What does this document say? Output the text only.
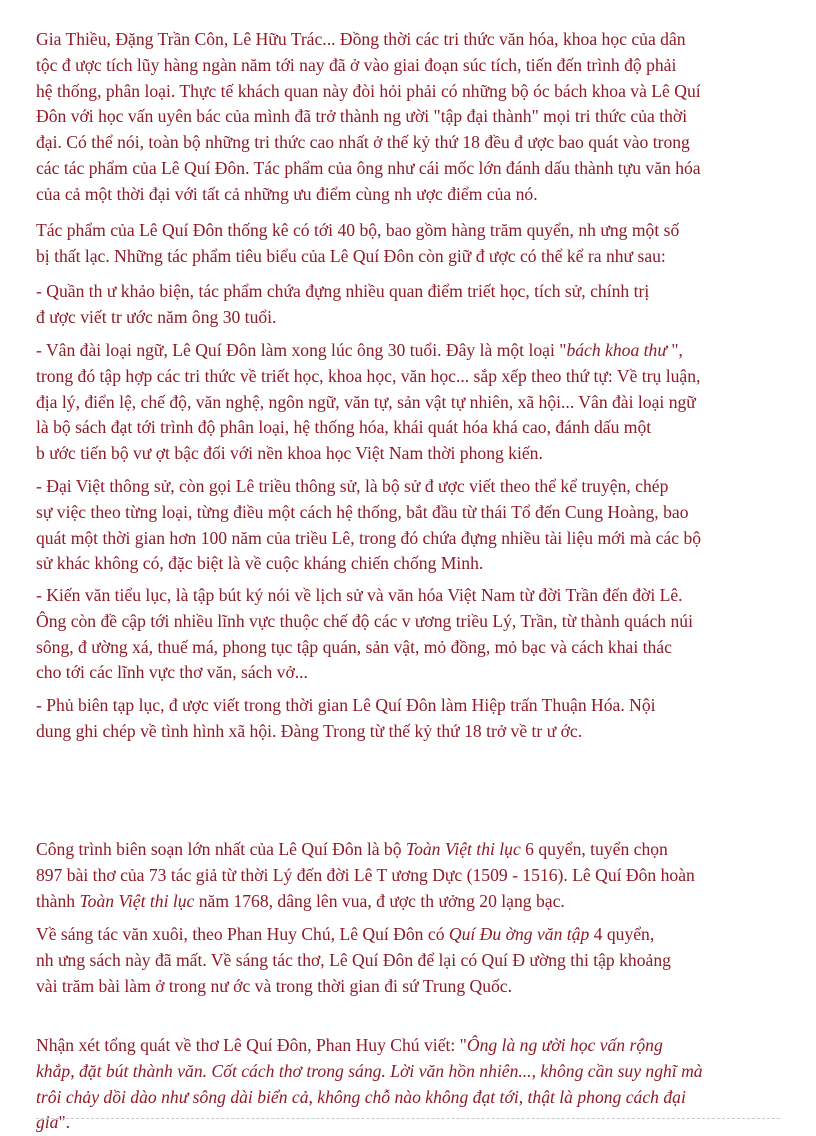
Gia Thiều, Đặng Trần Côn, Lê Hữu Trác... Đồng thời các tri thức văn hóa, khoa học của dân
tộc đ ược tích lũy hàng ngàn năm tới nay đã ở vào giai đoạn súc tích, tiến đến trình độ phải
hệ thống, phân loại. Thực tế khách quan này đòi hỏi phải có những bộ óc bách khoa và Lê Quí
Đôn với học vấn uyên bác của mình đã trở thành ng ười "tập đại thành" mọi tri thức của thời
đại. Có thể nói, toàn bộ những tri thức cao nhất ở thế kỷ thứ 18 đều đ ược bao quát vào trong
các tác phẩm của Lê Quí Đôn. Tác phẩm của ông như cái mốc lớn đánh dấu thành tựu văn hóa
của cả một thời đại với tất cả những ưu điểm cùng nh ược điểm của nó.
Tác phẩm của Lê Quí Đôn thống kê có tới 40 bộ, bao gồm hàng trăm quyển, nh ưng một số
bị thất lạc. Những tác phẩm tiêu biểu của Lê Quí Đôn còn giữ đ ược có thể kể ra như sau:
- Quần th ư khảo biện, tác phẩm chứa đựng nhiều quan điểm triết học, tích sử, chính trị
đ ược viết tr ước năm ông 30 tuổi.
- Vân đài loại ngữ, Lê Quí Đôn làm xong lúc ông 30 tuổi. Đây là một loại "bách khoa thư ",
trong đó tập hợp các tri thức về triết học, khoa học, văn học... sắp xếp theo thứ tự: Về trụ luận,
địa lý, điển lệ, chế độ, văn nghệ, ngôn ngữ, văn tự, sản vật tự nhiên, xã hội... Vân đài loại ngữ
là bộ sách đạt tới trình độ phân loại, hệ thống hóa, khái quát hóa khá cao, đánh dấu một
b ước tiến bộ vư ợt bậc đối với nền khoa học Việt Nam thời phong kiến.
- Đại Việt thông sử, còn gọi Lê triều thông sử, là bộ sử đ ược viết theo thể kể truyện, chép
sự việc theo từng loại, từng điều một cách hệ thống, bắt đầu từ thái Tổ đến Cung Hoàng, bao
quát một thời gian hơn 100 năm của triều Lê, trong đó chứa đựng nhiều tài liệu mới mà các bộ
sử khác không có, đặc biệt là về cuộc kháng chiến chống Minh.
- Kiến văn tiểu lục, là tập bút ký nói về lịch sử và văn hóa Việt Nam từ đời Trần đến đời Lê.
Ông còn đề cập tới nhiều lĩnh vực thuộc chế độ các v ương triều Lý, Trần, từ thành quách núi
sông, đ ường xá, thuế má, phong tục tập quán, sản vật, mỏ đồng, mỏ bạc và cách khai thác
cho tới các lĩnh vực thơ văn, sách vở...
- Phủ biên tạp lục, đ ược viết trong thời gian Lê Quí Đôn làm Hiệp trấn Thuận Hóa. Nội
dung ghi chép về tình hình xã hội. Đàng Trong từ thế kỷ thứ 18 trở về tr ư ớc.
Công trình biên soạn lớn nhất của Lê Quí Đôn là bộ Toàn Việt thi lục 6 quyển, tuyển chọn
897 bài thơ của 73 tác giả từ thời Lý đến đời Lê T ương Dực (1509 - 1516). Lê Quí Đôn hoàn
thành Toàn Việt thi lục năm 1768, dâng lên vua, đ ược th ưởng 20 lạng bạc.
Về sáng tác văn xuôi, theo Phan Huy Chú, Lê Quí Đôn có Quí Đu ờng văn tập 4 quyển,
nh ưng sách này đã mất. Về sáng tác thơ, Lê Quí Đôn để lại có Quí Đ ường thi tập khoảng
vài trăm bài làm ở trong nư ớc và trong thời gian đi sứ Trung Quốc.
Nhận xét tổng quát về thơ Lê Quí Đôn, Phan Huy Chú viết: "Ông là ng ười học vấn rộng
khắp, đặt bút thành văn. Cốt cách thơ trong sáng. Lời văn hồn nhiên..., không cần suy nghĩ mà
trôi chảy dồi dào như sông dài biển cả, không chỗ nào không đạt tới, thật là phong cách đại
gia".
